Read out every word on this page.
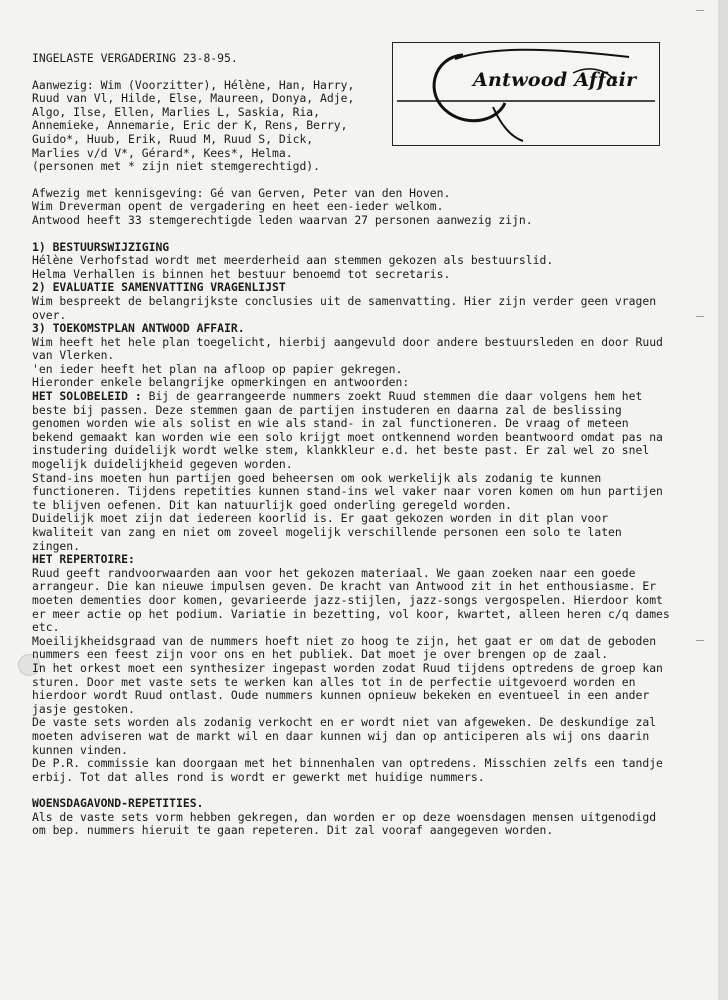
Antwood Affair

INGELASTE VERGADERING 23-8-95.

Aanwezig: Wim (Voorzitter), Hélène, Han, Harry,
Ruud van Vl, Hilde, Else, Maureen, Donya, Adje,
Algo, Ilse, Ellen, Marlies L, Saskia, Ria,
Annemieke, Annemarie, Eric der K, Rens, Berry,
Guido*, Huub, Erik, Ruud M, Ruud S, Dick,
Marlies v/d V*, Gérard*, Kees*, Helma.
(personen met * zijn niet stemgerechtigd).

Afwezig met kennisgeving: Gé van Gerven, Peter van den Hoven.
Wim Dreverman opent de vergadering en heet een-ieder welkom.
Antwood heeft 33 stemgerechtigde leden waarvan 27 personen aanwezig zijn.

1) BESTUURSWIJZIGING

Hélène Verhofstad wordt met meerderheid aan stemmen gekozen als bestuurslid.
Helma Verhallen is binnen het bestuur benoemd tot secretaris.

2) EVALUATIE SAMENVATTING VRAGENLIJST

Wim bespreekt de belangrijkste conclusies uit de samenvatting. Hier zijn verder geen vragen
over.

3) TOEKOMSTPLAN ANTWOOD AFFAIR.

Wim heeft het hele plan toegelicht, hierbij aangevuld door andere bestuursleden en door Ruud
van Vlerken.
'en ieder heeft het plan na afloop op papier gekregen.
Hieronder enkele belangrijke opmerkingen en antwoorden:

HET SOLOBELEID : Bij de gearrangeerde nummers zoekt Ruud stemmen die daar volgens hem het
beste bij passen. Deze stemmen gaan de partijen instuderen en daarna zal de beslissing
genomen worden wie als solist en wie als stand- in zal functioneren. De vraag of meteen
bekend gemaakt kan worden wie een solo krijgt moet ontkennend worden beantwoord omdat pas na
instudering duidelijk wordt welke stem, klankkleur e.d. het beste past. Er zal wel zo snel
mogelijk duidelijkheid gegeven worden.
Stand-ins moeten hun partijen goed beheersen om ook werkelijk als zodanig te kunnen
functioneren. Tijdens repetities kunnen stand-ins wel vaker naar voren komen om hun partijen
te blijven oefenen. Dit kan natuurlijk goed onderling geregeld worden.
Duidelijk moet zijn dat iedereen koorlid is. Er gaat gekozen worden in dit plan voor
kwaliteit van zang en niet om zoveel mogelijk verschillende personen een solo te laten
zingen.

HET REPERTOIRE:

Ruud geeft randvoorwaarden aan voor het gekozen materiaal. We gaan zoeken naar een goede
arrangeur. Die kan nieuwe impulsen geven. De kracht van Antwood zit in het enthousiasme. Er
moeten dementies door komen, gevarieerde jazz-stijlen, jazz-songs vergospelen. Hierdoor komt
er meer actie op het podium. Variatie in bezetting, vol koor, kwartet, alleen heren c/q dames
etc.
Moeilijkheidsgraad van de nummers hoeft niet zo hoog te zijn, het gaat er om dat de geboden
nummers een feest zijn voor ons en het publiek. Dat moet je over brengen op de zaal.
In het orkest moet een synthesizer ingepast worden zodat Ruud tijdens optredens de groep kan
sturen. Door met vaste sets te werken kan alles tot in de perfectie uitgevoerd worden en
hierdoor wordt Ruud ontlast. Oude nummers kunnen opnieuw bekeken en eventueel in een ander
jasje gestoken.
De vaste sets worden als zodanig verkocht en er wordt niet van afgeweken. De deskundige zal
moeten adviseren wat de markt wil en daar kunnen wij dan op anticiperen als wij ons daarin
kunnen vinden.
De P.R. commissie kan doorgaan met het binnenhalen van optredens. Misschien zelfs een tandje
erbij. Tot dat alles rond is wordt er gewerkt met huidige nummers.

WOENSDAGAVOND-REPETITIES.

Als de vaste sets vorm hebben gekregen, dan worden er op deze woensdagen mensen uitgenodigd
om bep. nummers hieruit te gaan repeteren. Dit zal vooraf aangegeven worden.
